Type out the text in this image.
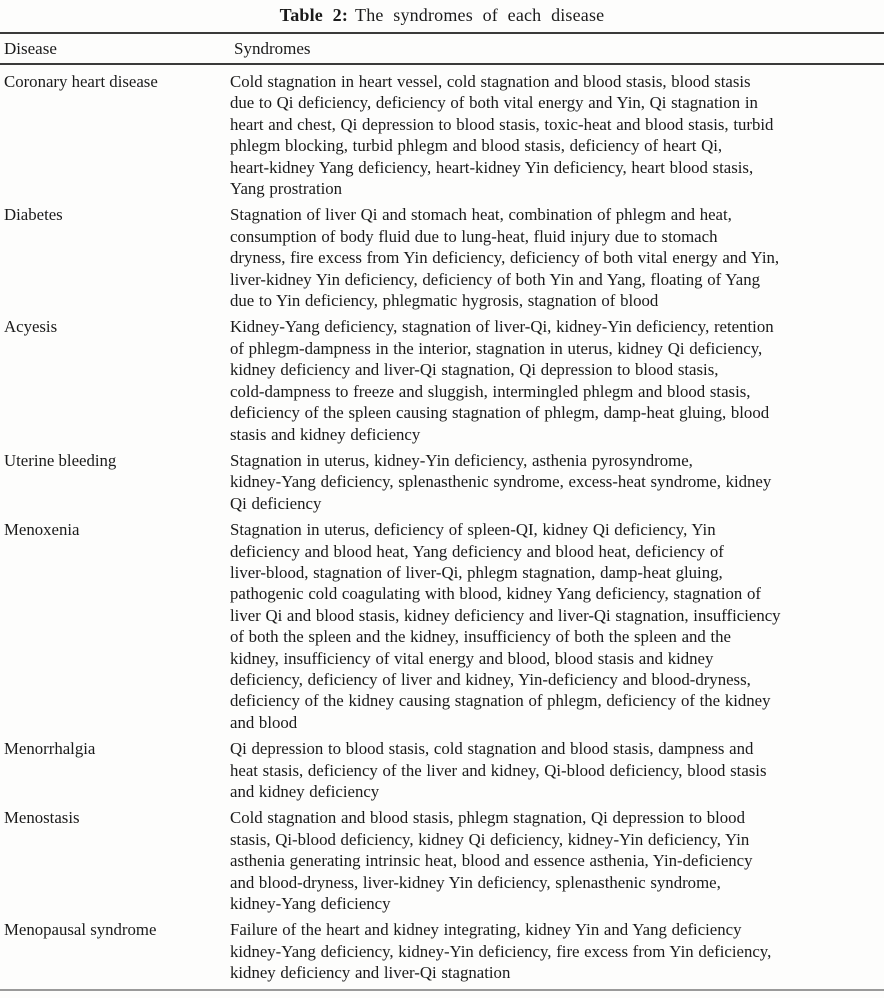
Table 2: The syndromes of each disease
Disease	Syndromes
Coronary heart disease	Cold stagnation in heart vessel, cold stagnation and blood stasis, blood stasis
due to Qi deficiency, deficiency of both vital energy and Yin, Qi stagnation in
heart and chest, Qi depression to blood stasis, toxic-heat and blood stasis, turbid
phlegm blocking, turbid phlegm and blood stasis, deficiency of heart Qi,
heart-kidney Yang deficiency, heart-kidney Yin deficiency, heart blood stasis,
Yang prostration
Diabetes	Stagnation of liver Qi and stomach heat, combination of phlegm and heat,
consumption of body fluid due to lung-heat, fluid injury due to stomach
dryness, fire excess from Yin deficiency, deficiency of both vital energy and Yin,
liver-kidney Yin deficiency, deficiency of both Yin and Yang, floating of Yang
due to Yin deficiency, phlegmatic hygrosis, stagnation of blood
Acyesis	Kidney-Yang deficiency, stagnation of liver-Qi, kidney-Yin deficiency, retention
of phlegm-dampness in the interior, stagnation in uterus, kidney Qi deficiency,
kidney deficiency and liver-Qi stagnation, Qi depression to blood stasis,
cold-dampness to freeze and sluggish, intermingled phlegm and blood stasis,
deficiency of the spleen causing stagnation of phlegm, damp-heat gluing, blood
stasis and kidney deficiency
Uterine bleeding	Stagnation in uterus, kidney-Yin deficiency, asthenia pyrosyndrome,
kidney-Yang deficiency, splenasthenic syndrome, excess-heat syndrome, kidney
Qi deficiency
Menoxenia	Stagnation in uterus, deficiency of spleen-QI, kidney Qi deficiency, Yin
deficiency and blood heat, Yang deficiency and blood heat, deficiency of
liver-blood, stagnation of liver-Qi, phlegm stagnation, damp-heat gluing,
pathogenic cold coagulating with blood, kidney Yang deficiency, stagnation of
liver Qi and blood stasis, kidney deficiency and liver-Qi stagnation, insufficiency
of both the spleen and the kidney, insufficiency of both the spleen and the
kidney, insufficiency of vital energy and blood, blood stasis and kidney
deficiency, deficiency of liver and kidney, Yin-deficiency and blood-dryness,
deficiency of the kidney causing stagnation of phlegm, deficiency of the kidney
and blood
Menorrhalgia	Qi depression to blood stasis, cold stagnation and blood stasis, dampness and
heat stasis, deficiency of the liver and kidney, Qi-blood deficiency, blood stasis
and kidney deficiency
Menostasis	Cold stagnation and blood stasis, phlegm stagnation, Qi depression to blood
stasis, Qi-blood deficiency, kidney Qi deficiency, kidney-Yin deficiency, Yin
asthenia generating intrinsic heat, blood and essence asthenia, Yin-deficiency
and blood-dryness, liver-kidney Yin deficiency, splenasthenic syndrome,
kidney-Yang deficiency
Menopausal syndrome	Failure of the heart and kidney integrating, kidney Yin and Yang deficiency
kidney-Yang deficiency, kidney-Yin deficiency, fire excess from Yin deficiency,
kidney deficiency and liver-Qi stagnation
